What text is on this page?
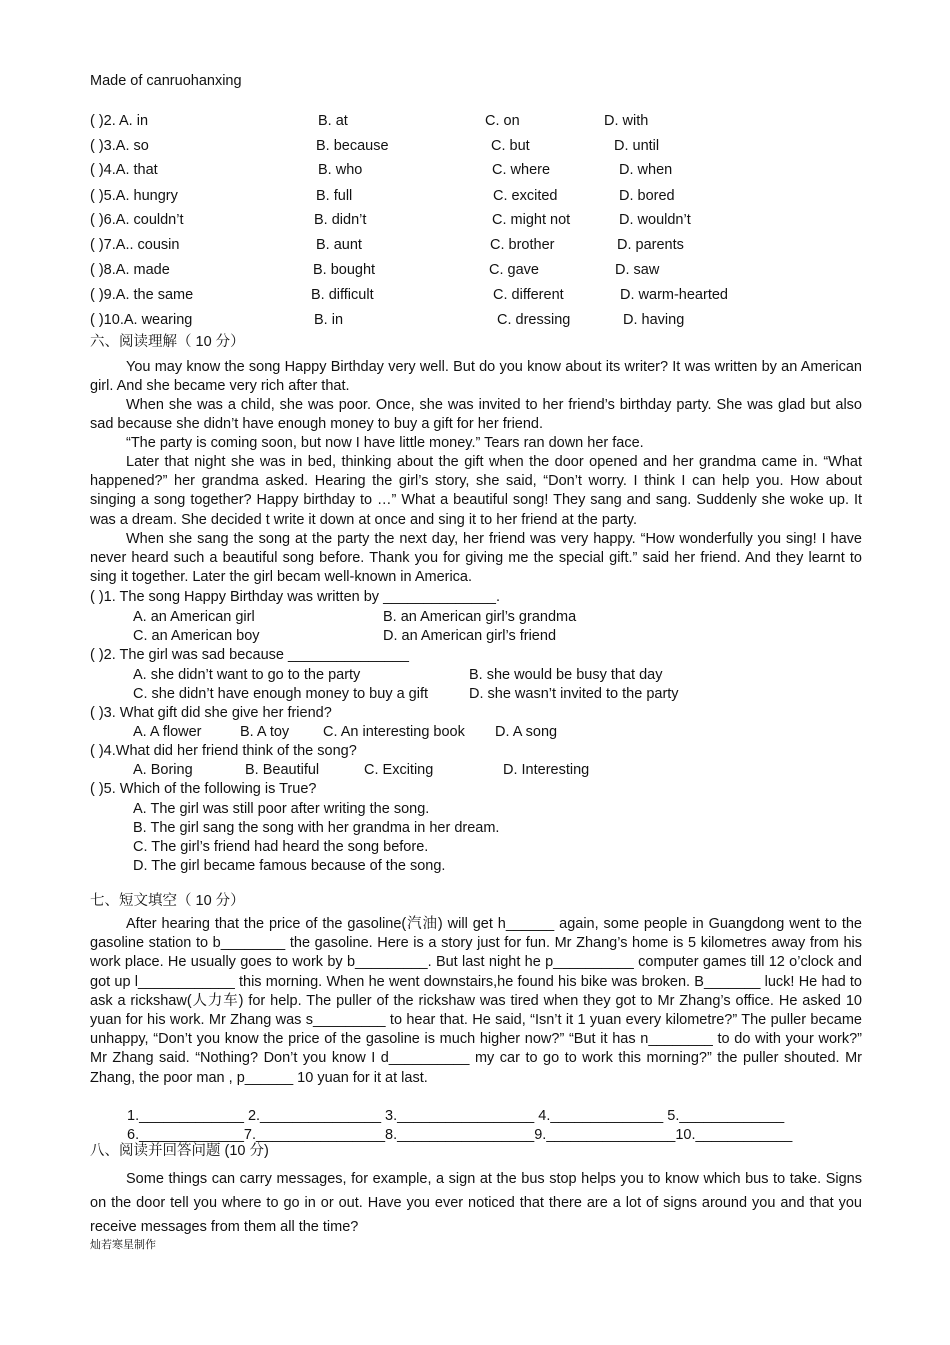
Made of canruohanxing
( )2. A. in	B. at	C. on	D. with
( )3.A. so	B. because	C. but	D. until
( )4.A. that	B. who	C. where	D. when
( )5.A. hungry	B. full	C. excited	D. bored
( )6.A. couldn’t	B. didn’t	C. might not	D. wouldn’t
( )7.A.. cousin	B. aunt	C. brother	D. parents
( )8.A. made	B. bought	C. gave	D. saw
( )9.A. the same	B. difficult	C. different	D. warm-hearted
( )10.A. wearing	B. in	C. dressing	D. having
六、阅读理解（ 10 分）
You may know the song Happy Birthday very well. But do you know about its writer? It was written by an American girl. And she became very rich after that.
When she was a child, she was poor. Once, she was invited to her friend’s birthday party. She was glad but also sad because she didn’t have enough money to buy a gift for her friend.
“The party is coming soon, but now I have little money.” Tears ran down her face.
Later that night she was in bed, thinking about the gift when the door opened and her grandma came in. “What happened?” her grandma asked. Hearing the girl’s story, she said, “Don’t worry. I think I can help you. How about singing a song together? Happy birthday to …” What a beautiful song! They sang and sang. Suddenly she woke up. It was a dream. She decided t write it down at once and sing it to her friend at the party.
When she sang the song at the party the next day, her friend was very happy. “How wonderfully you sing! I have never heard such a beautiful song before. Thank you for giving me the special gift.” said her friend. And they learnt to sing it together. Later the girl becam well-known in America.
( )1. The song Happy Birthday was written by ______________.
A. an American girl	B. an American girl’s grandma
C. an American boy	D. an American girl’s friend
( )2. The girl was sad because _______________
A. she didn’t want to go to the party	B. she would be busy that day
C. she didn’t have enough money to buy a gift	D. she wasn’t invited to the party
( )3. What gift did she give her friend?
A. A flower	B. A toy C. An interesting book D. A song
( )4.What did her friend think of the song?
A. Boring	B. Beautiful	C. Exciting	D. Interesting
( )5. Which of the following is True?
A. The girl was still poor after writing the song.
B. The girl sang the song with her grandma in her dream.
C. The girl’s friend had heard the song before.
D. The girl became famous because of the song.
七、短文填空（ 10 分）
After hearing that the price of the gasoline(汽油) will get h______ again, some people in Guangdong went to the gasoline station to b________ the gasoline. Here is a story just for fun. Mr Zhang’s home is 5 kilometres away from his work place. He usually goes to work by b_________. But last night he p__________ computer games till 12 o’clock and got up l____________ this morning. When he went downstairs,he found his bike was broken. B_______ luck! He had to ask a rickshaw(人力车) for help. The puller of the rickshaw was tired when they got to Mr Zhang’s office. He asked 10 yuan for his work. Mr Zhang was s_________ to hear that. He said, “Isn’t it 1 yuan every kilometre?” The puller became unhappy, “Don’t you know the price of the gasoline is much higher now?” “But it has n________ to do with your work?” Mr Zhang said. “Nothing? Don’t you know I d__________ my car to go to work this morning?” the puller shouted. Mr Zhang, the poor man , p______ 10 yuan for it at last.
1._____________ 2._______________ 3._________________ 4.______________ 5._____________
6._____________7.________________8._________________9.________________10.____________
八、阅读并回答问题 (10 分)
Some things can carry messages, for example, a sign at the bus stop helps you to know which bus to take. Signs on the door tell you where to go in or out. Have you ever noticed that there are a lot of signs around you and that you receive messages from them all the time?
灿若寒星制作
